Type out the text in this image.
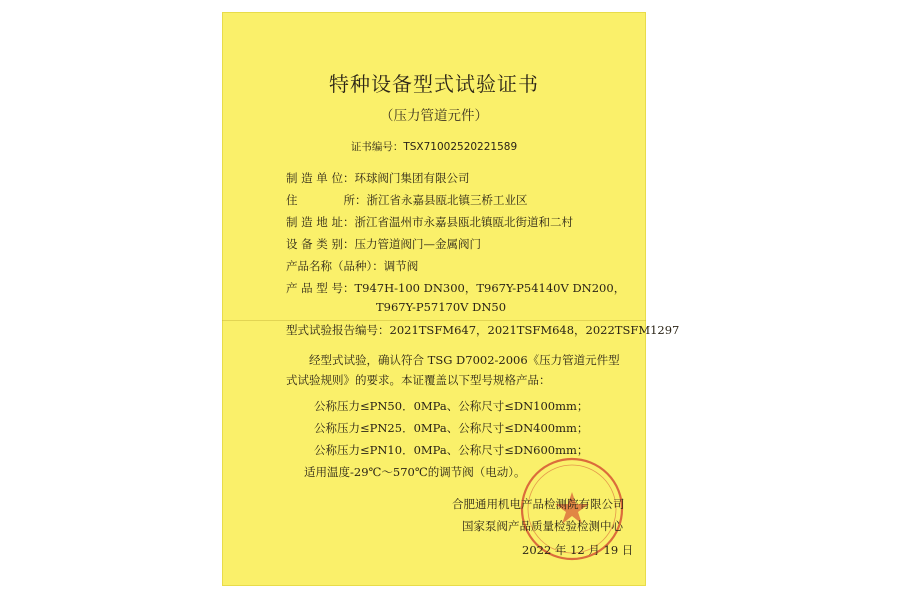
特种设备型式试验证书
（压力管道元件）
证书编号：TSX71002520221589
制 造 单 位： 环球阀门集团有限公司
住　　　　所： 浙江省永嘉县瓯北镇三桥工业区
制 造 地 址： 浙江省温州市永嘉县瓯北镇瓯北街道和二村
设 备 类 别： 压力管道阀门—金属阀门
产品名称（品种）： 调节阀
产 品 型 号： T947H-100 DN300，T967Y-P54140V DN200，
T967Y-P57170V DN50
型式试验报告编号： 2021TSFM647，2021TSFM648，2022TSFM1297
经型式试验，确认符合 TSG D7002-2006《压力管道元件型式试验规则》的要求。本证覆盖以下型号规格产品：
公称压力≤PN50．0MPa、公称尺寸≤DN100mm；
公称压力≤PN25．0MPa、公称尺寸≤DN400mm；
公称压力≤PN10．0MPa、公称尺寸≤DN600mm；
适用温度-29℃～570℃的调节阀（电动）。
合肥通用机电产品检测院有限公司
国家泵阀产品质量检验检测中心
2022 年 12 月 19 日
